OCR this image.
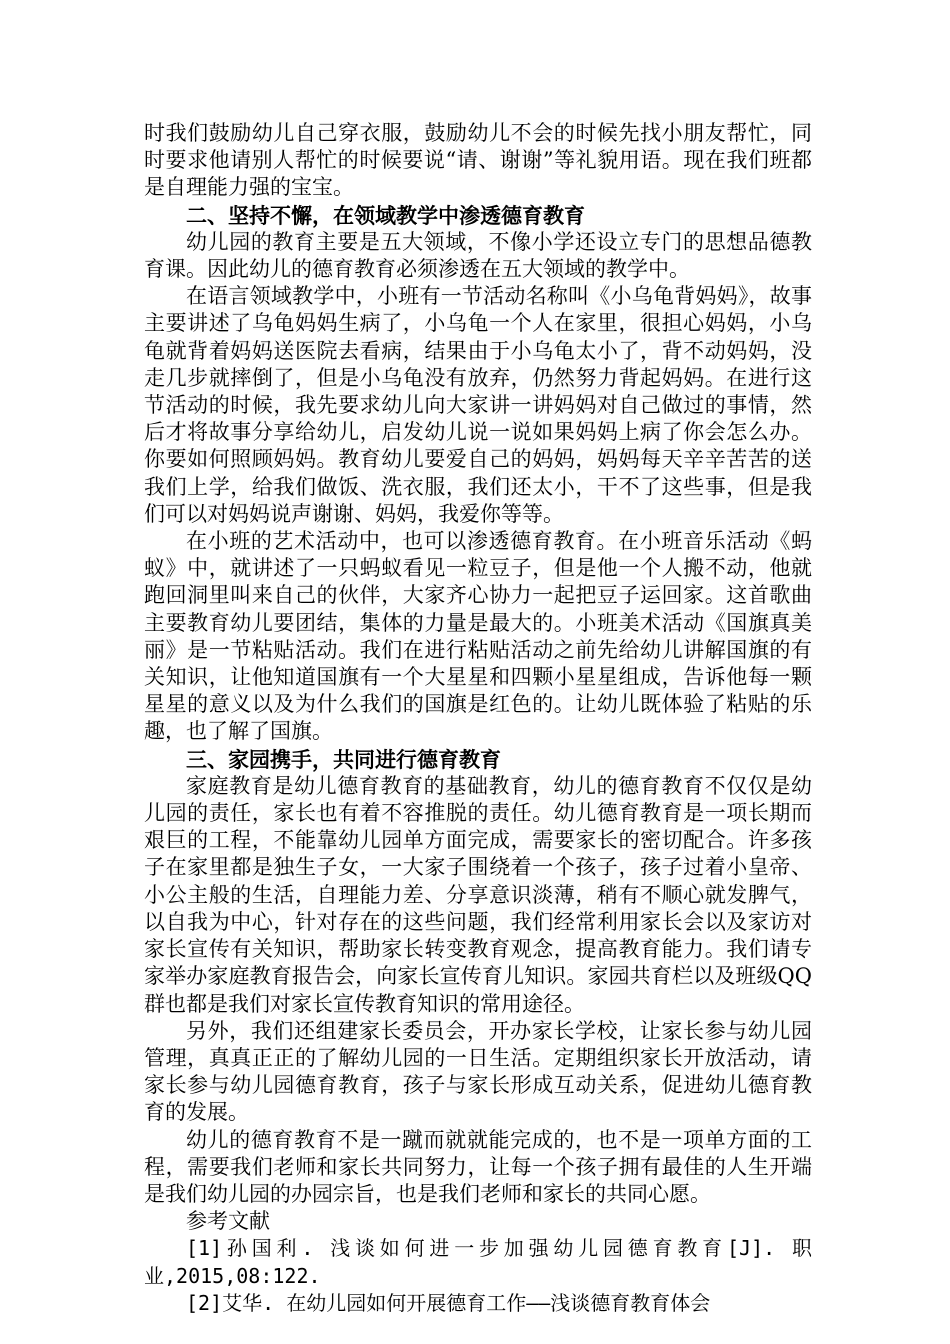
时我们鼓励幼儿自己穿衣服，鼓励幼儿不会的时候先找小朋友帮忙，同时要求他请别人帮忙的时候要说“请、谢谢”等礼貌用语。现在我们班都是自理能力强的宝宝。

二、坚持不懈，在领域教学中渗透德育教育

幼儿园的教育主要是五大领域，不像小学还设立专门的思想品德教育课。因此幼儿的德育教育必须渗透在五大领域的教学中。

在语言领域教学中，小班有一节活动名称叫《小乌龟背妈妈》，故事主要讲述了乌龟妈妈生病了，小乌龟一个人在家里，很担心妈妈，小乌龟就背着妈妈送医院去看病，结果由于小乌龟太小了，背不动妈妈，没走几步就摔倒了，但是小乌龟没有放弃，仍然努力背起妈妈。在进行这节活动的时候，我先要求幼儿向大家讲一讲妈妈对自己做过的事情，然后才将故事分享给幼儿，启发幼儿说一说如果妈妈上病了你会怎么办。你要如何照顾妈妈。教育幼儿要爱自己的妈妈，妈妈每天辛辛苦苦的送我们上学，给我们做饭、洗衣服，我们还太小，干不了这些事，但是我们可以对妈妈说声谢谢、妈妈，我爱你等等。

在小班的艺术活动中，也可以渗透德育教育。在小班音乐活动《蚂蚁》中，就讲述了一只蚂蚁看见一粒豆子，但是他一个人搬不动，他就跑回洞里叫来自己的伙伴，大家齐心协力一起把豆子运回家。这首歌曲主要教育幼儿要团结，集体的力量是最大的。小班美术活动《国旗真美丽》是一节粘贴活动。我们在进行粘贴活动之前先给幼儿讲解国旗的有关知识，让他知道国旗有一个大星星和四颗小星星组成，告诉他每一颗星星的意义以及为什么我们的国旗是红色的。让幼儿既体验了粘贴的乐趣，也了解了国旗。

三、家园携手，共同进行德育教育

家庭教育是幼儿德育教育的基础教育，幼儿的德育教育不仅仅是幼儿园的责任，家长也有着不容推脱的责任。幼儿德育教育是一项长期而艰巨的工程，不能靠幼儿园单方面完成，需要家长的密切配合。许多孩子在家里都是独生子女，一大家子围绕着一个孩子，孩子过着小皇帝、小公主般的生活，自理能力差、分享意识淡薄，稍有不顺心就发脾气，以自我为中心，针对存在的这些问题，我们经常利用家长会以及家访对家长宣传有关知识，帮助家长转变教育观念，提高教育能力。我们请专家举办家庭教育报告会，向家长宣传育儿知识。家园共育栏以及班级QQ群也都是我们对家长宣传教育知识的常用途径。

另外，我们还组建家长委员会，开办家长学校，让家长参与幼儿园管理，真真正正的了解幼儿园的一日生活。定期组织家长开放活动，请家长参与幼儿园德育教育，孩子与家长形成互动关系，促进幼儿德育教育的发展。

幼儿的德育教育不是一蹴而就就能完成的，也不是一项单方面的工程，需要我们老师和家长共同努力，让每一个孩子拥有最佳的人生开端是我们幼儿园的办园宗旨，也是我们老师和家长的共同心愿。

参考文献

[1]孙国利. 浅谈如何进一步加强幼儿园德育教育[J]. 职业,2015,08:122.

[2]艾华. 在幼儿园如何开展德育工作——浅谈德育教育体会
